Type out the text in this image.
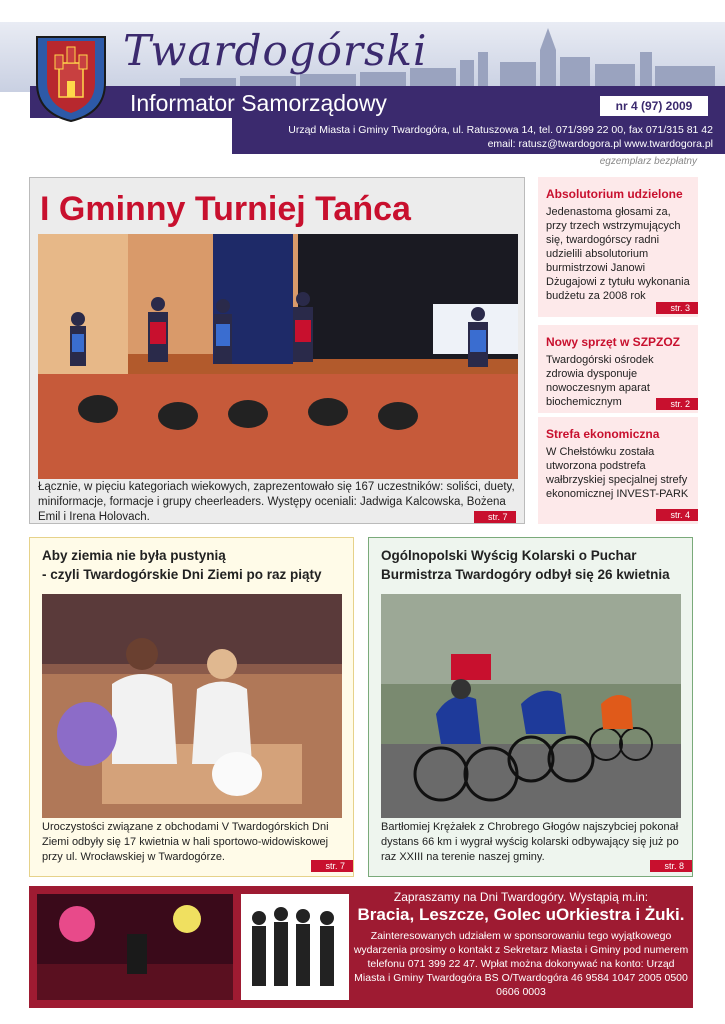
Twardogórski
Informator Samorządowy	nr 4 (97) 2009
Urząd Miasta i Gminy Twardogóra, ul. Ratuszowa 14, tel. 071/399 22 00, fax 071/315 81 42
email: ratusz@twardogora.pl www.twardogora.pl
egzemplarz bezpłatny
I Gminny Turniej Tańca

Łącznie, w pięciu kategoriach wiekowych, zaprezentowało się 167 uczestników: soliści, duety, miniformacje, formacje i grupy cheerleaders. Występy oceniali: Jadwiga Kalcowska, Bożena Emil i Irena Holovach.	str. 7
Absolutorium udzielone

Jedenastoma głosami za, przy trzech wstrzymujących się, twardogórscy radni udzielili absolutorium burmistrzowi Janowi Dżugajowi z tytułu wykonania budżetu za 2008 rok

str. 3
Nowy sprzęt w SZPZOZ

Twardogórski ośrodek zdrowia dysponuje nowoczesnym aparat biochemicznym	str. 2
Strefa ekonomiczna

W Chełstówku została utworzona podstrefa wałbrzyskiej specjalnej strefy ekonomicznej INVEST-PARK

str. 4
Aby ziemia nie była pustynią
- czyli Twardogórskie Dni Ziemi po raz piąty

Uroczystości związane z obchodami V Twardogórskich Dni Ziemi odbyły się 17 kwietnia w hali sportowo-widowiskowej przy ul. Wrocławskiej w Twardogórze.

str. 7
Ogólnopolski Wyścig Kolarski o Puchar
Burmistrza Twardogóry odbył się 26 kwietnia

Bartłomiej Krężałek z Chrobrego Głogów najszybciej pokonał dystans 66 km i wygrał wyścig kolarski odbywający się już po raz XXIII na terenie naszej gminy.

str. 8
Zapraszamy na Dni Twardogóry. Wystąpią m.in:
Bracia, Leszcze, Golec uOrkiestra i Żuki.
Zainteresowanych udziałem w sponsorowaniu tego wyjątkowego wydarzenia prosimy o kontakt z Sekretarz Miasta i Gminy pod numerem telefonu 071 399 22 47. Wpłat można dokonywać na konto: Urząd Miasta i Gminy Twardogóra BS O/Twardogóra 46 9584 1047 2005 0500 0606 0003
